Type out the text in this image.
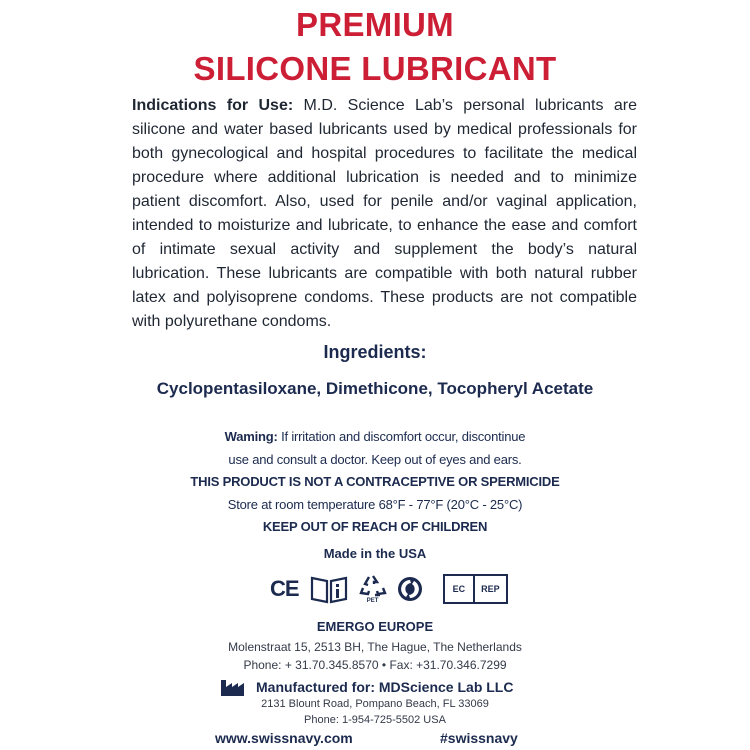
PREMIUM
SILICONE LUBRICANT
Indications for Use: M.D. Science Lab’s personal lubricants are silicone and water based lubricants used by medical professionals for both gynecological and hospital procedures to facilitate the medical procedure where additional lubrication is needed and to minimize patient discomfort. Also, used for penile and/or vaginal application, intended to moisturize and lubricate, to enhance the ease and comfort of intimate sexual activity and supplement the body’s natural lubrication. These lubricants are compatible with both natural rubber latex and polyisoprene condoms. These products are not compatible with polyurethane condoms.
Ingredients:
Cyclopentasiloxane, Dimethicone, Tocopheryl Acetate
Waming: If irritation and discomfort occur, discontinue
use and consult a doctor. Keep out of eyes and ears.
THIS PRODUCT IS NOT A CONTRACEPTIVE OR SPERMICIDE
Store at room temperature 68°F - 77°F (20°C - 25°C)
KEEP OUT OF REACH OF CHILDREN
Made in the USA
CE	PET
EC	REP
EMERGO EUROPE
Molenstraat 15, 2513 BH, The Hague, The Netherlands
Phone: + 31.70.345.8570 • Fax: +31.70.346.7299
Manufactured for: MDScience Lab LLC
2131 Blount Road, Pompano Beach, FL 33069
Phone: 1-954-725-5502 USA
www.swissnavy.com	#swissnavy
